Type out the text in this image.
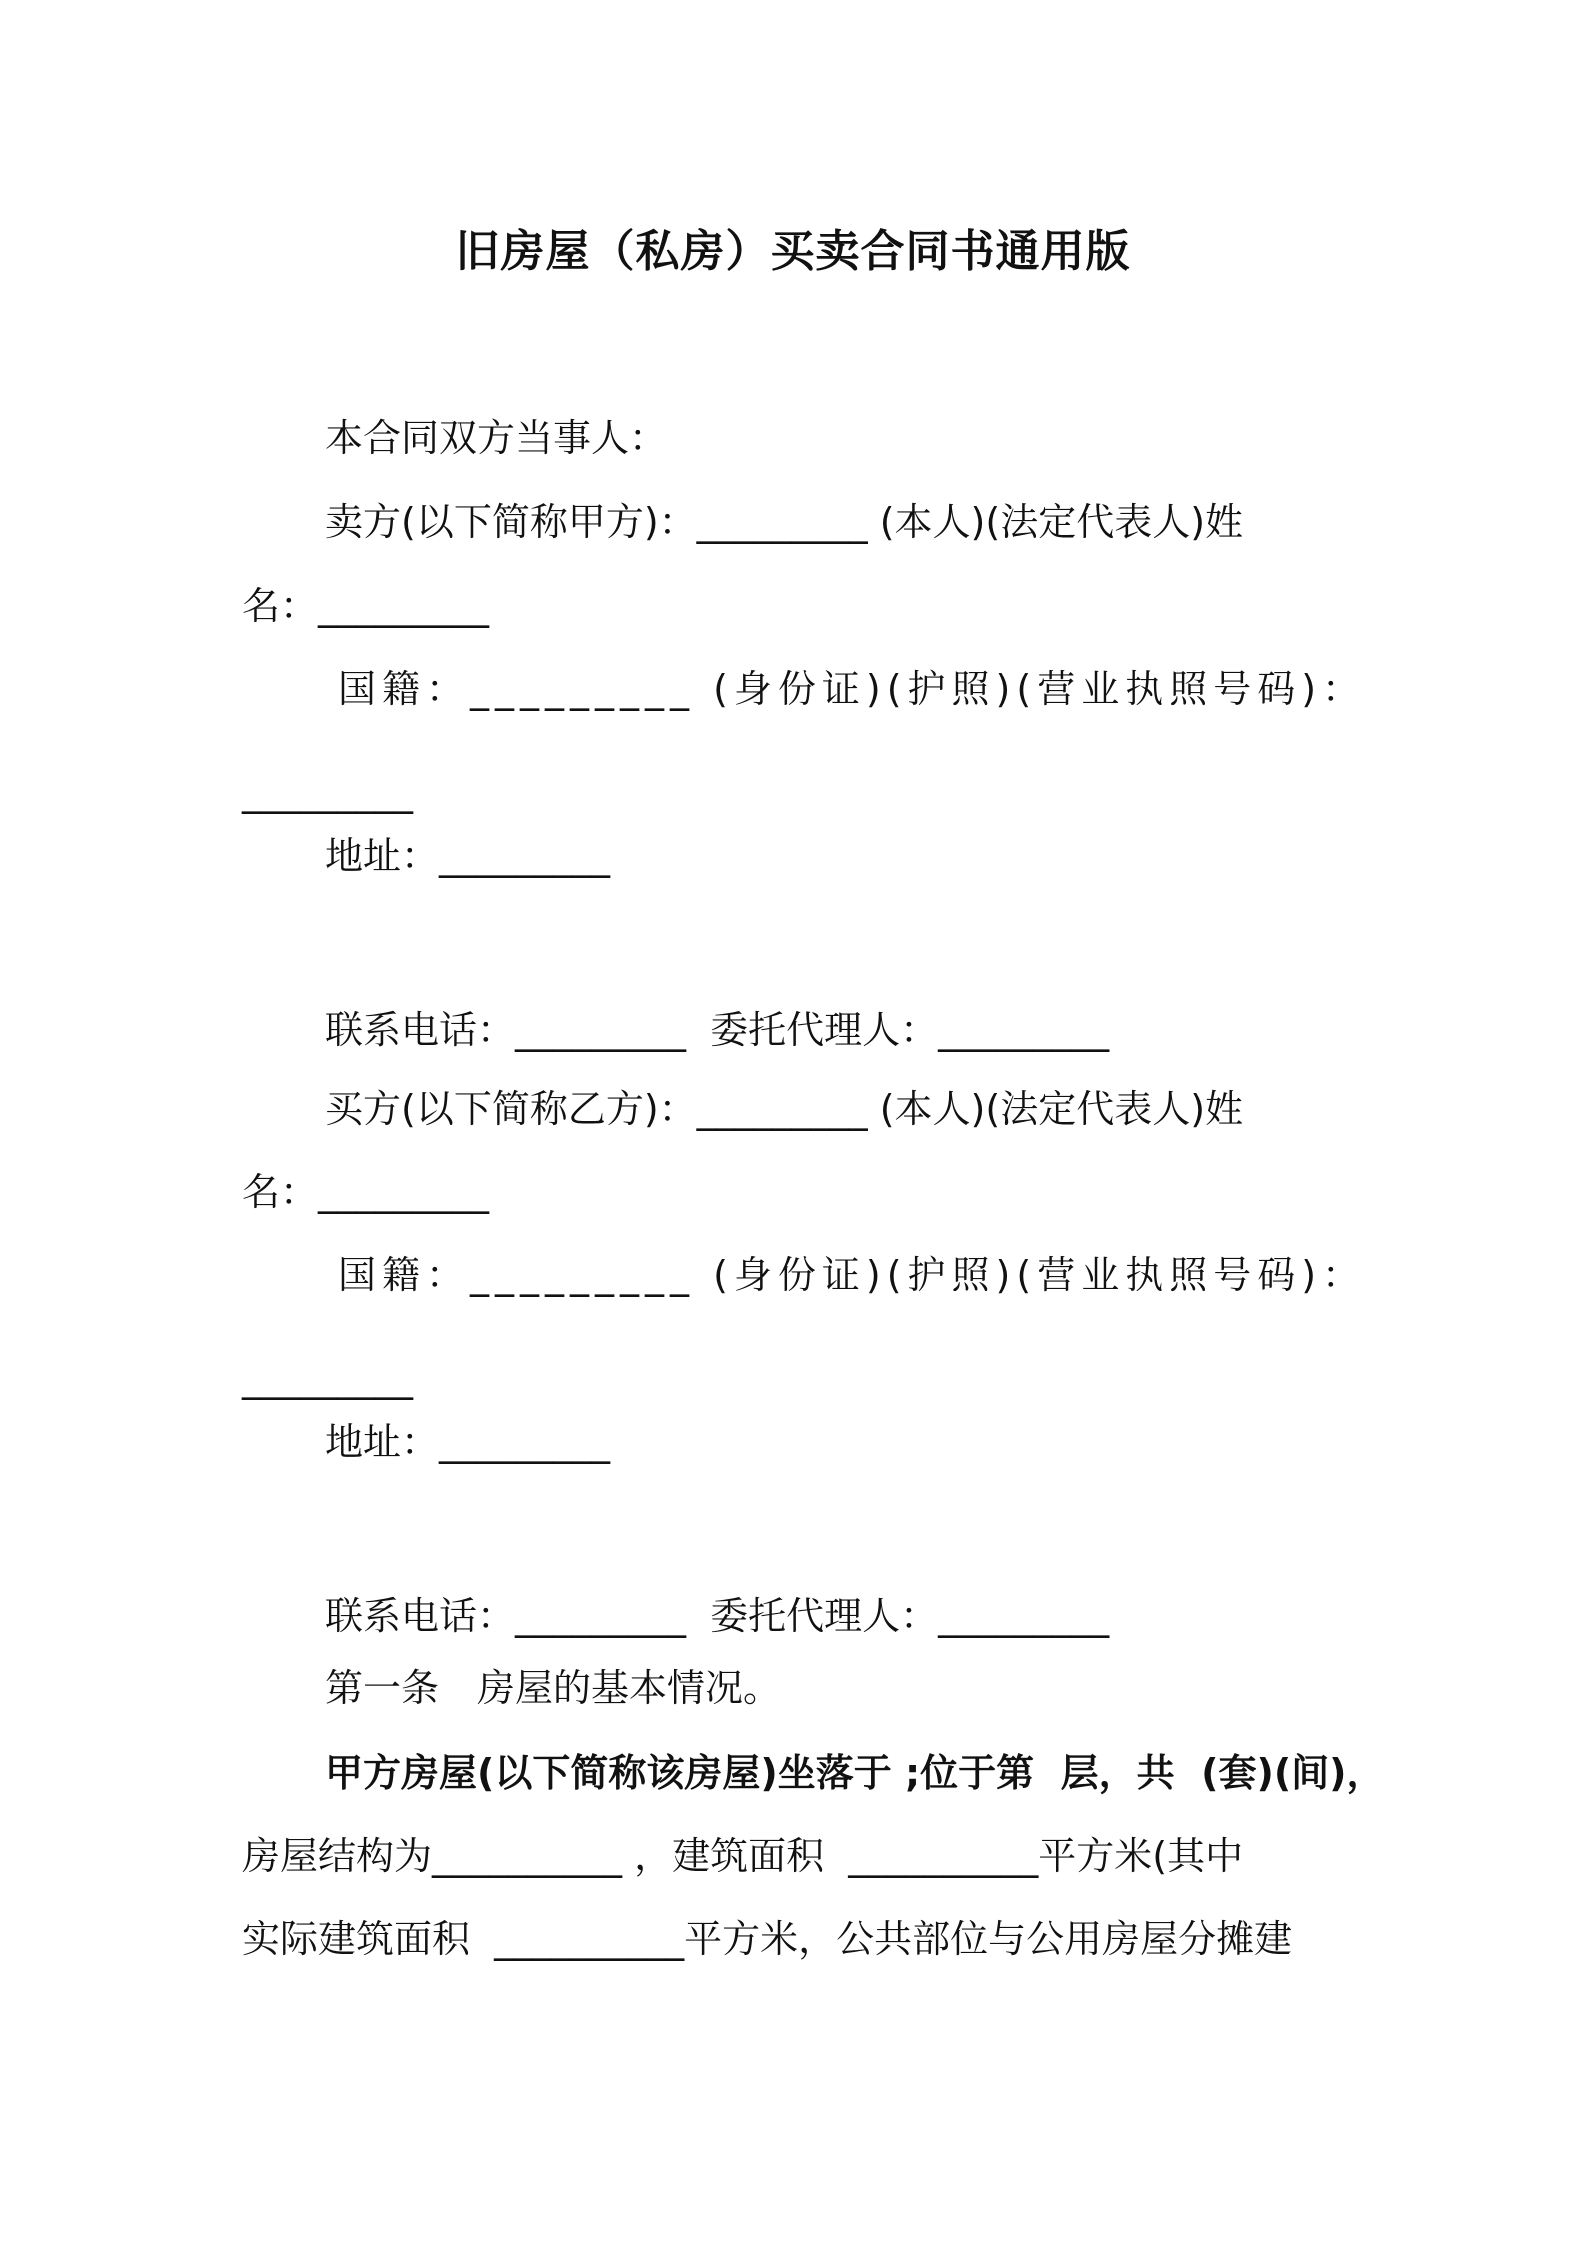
旧房屋（私房）买卖合同书通用版
本合同双方当事人：
卖方(以下简称甲方)：_________ (本人)(法定代表人)姓
名：_________
国籍：_________ (身份证)(护照)(营业执照号码)：
_________
地址：_________
联系电话：_________  委托代理人：_________
买方(以下简称乙方)：_________ (本人)(法定代表人)姓
名：_________
国籍：_________ (身份证)(护照)(营业执照号码)：
_________
地址：_________
联系电话：_________  委托代理人：_________
第一条　房屋的基本情况。
甲方房屋(以下简称该房屋)坐落于 ;位于第  层，共  (套)(间)，
房屋结构为__________ ，建筑面积  __________平方米(其中
实际建筑面积  __________平方米，公共部位与公用房屋分摊建
